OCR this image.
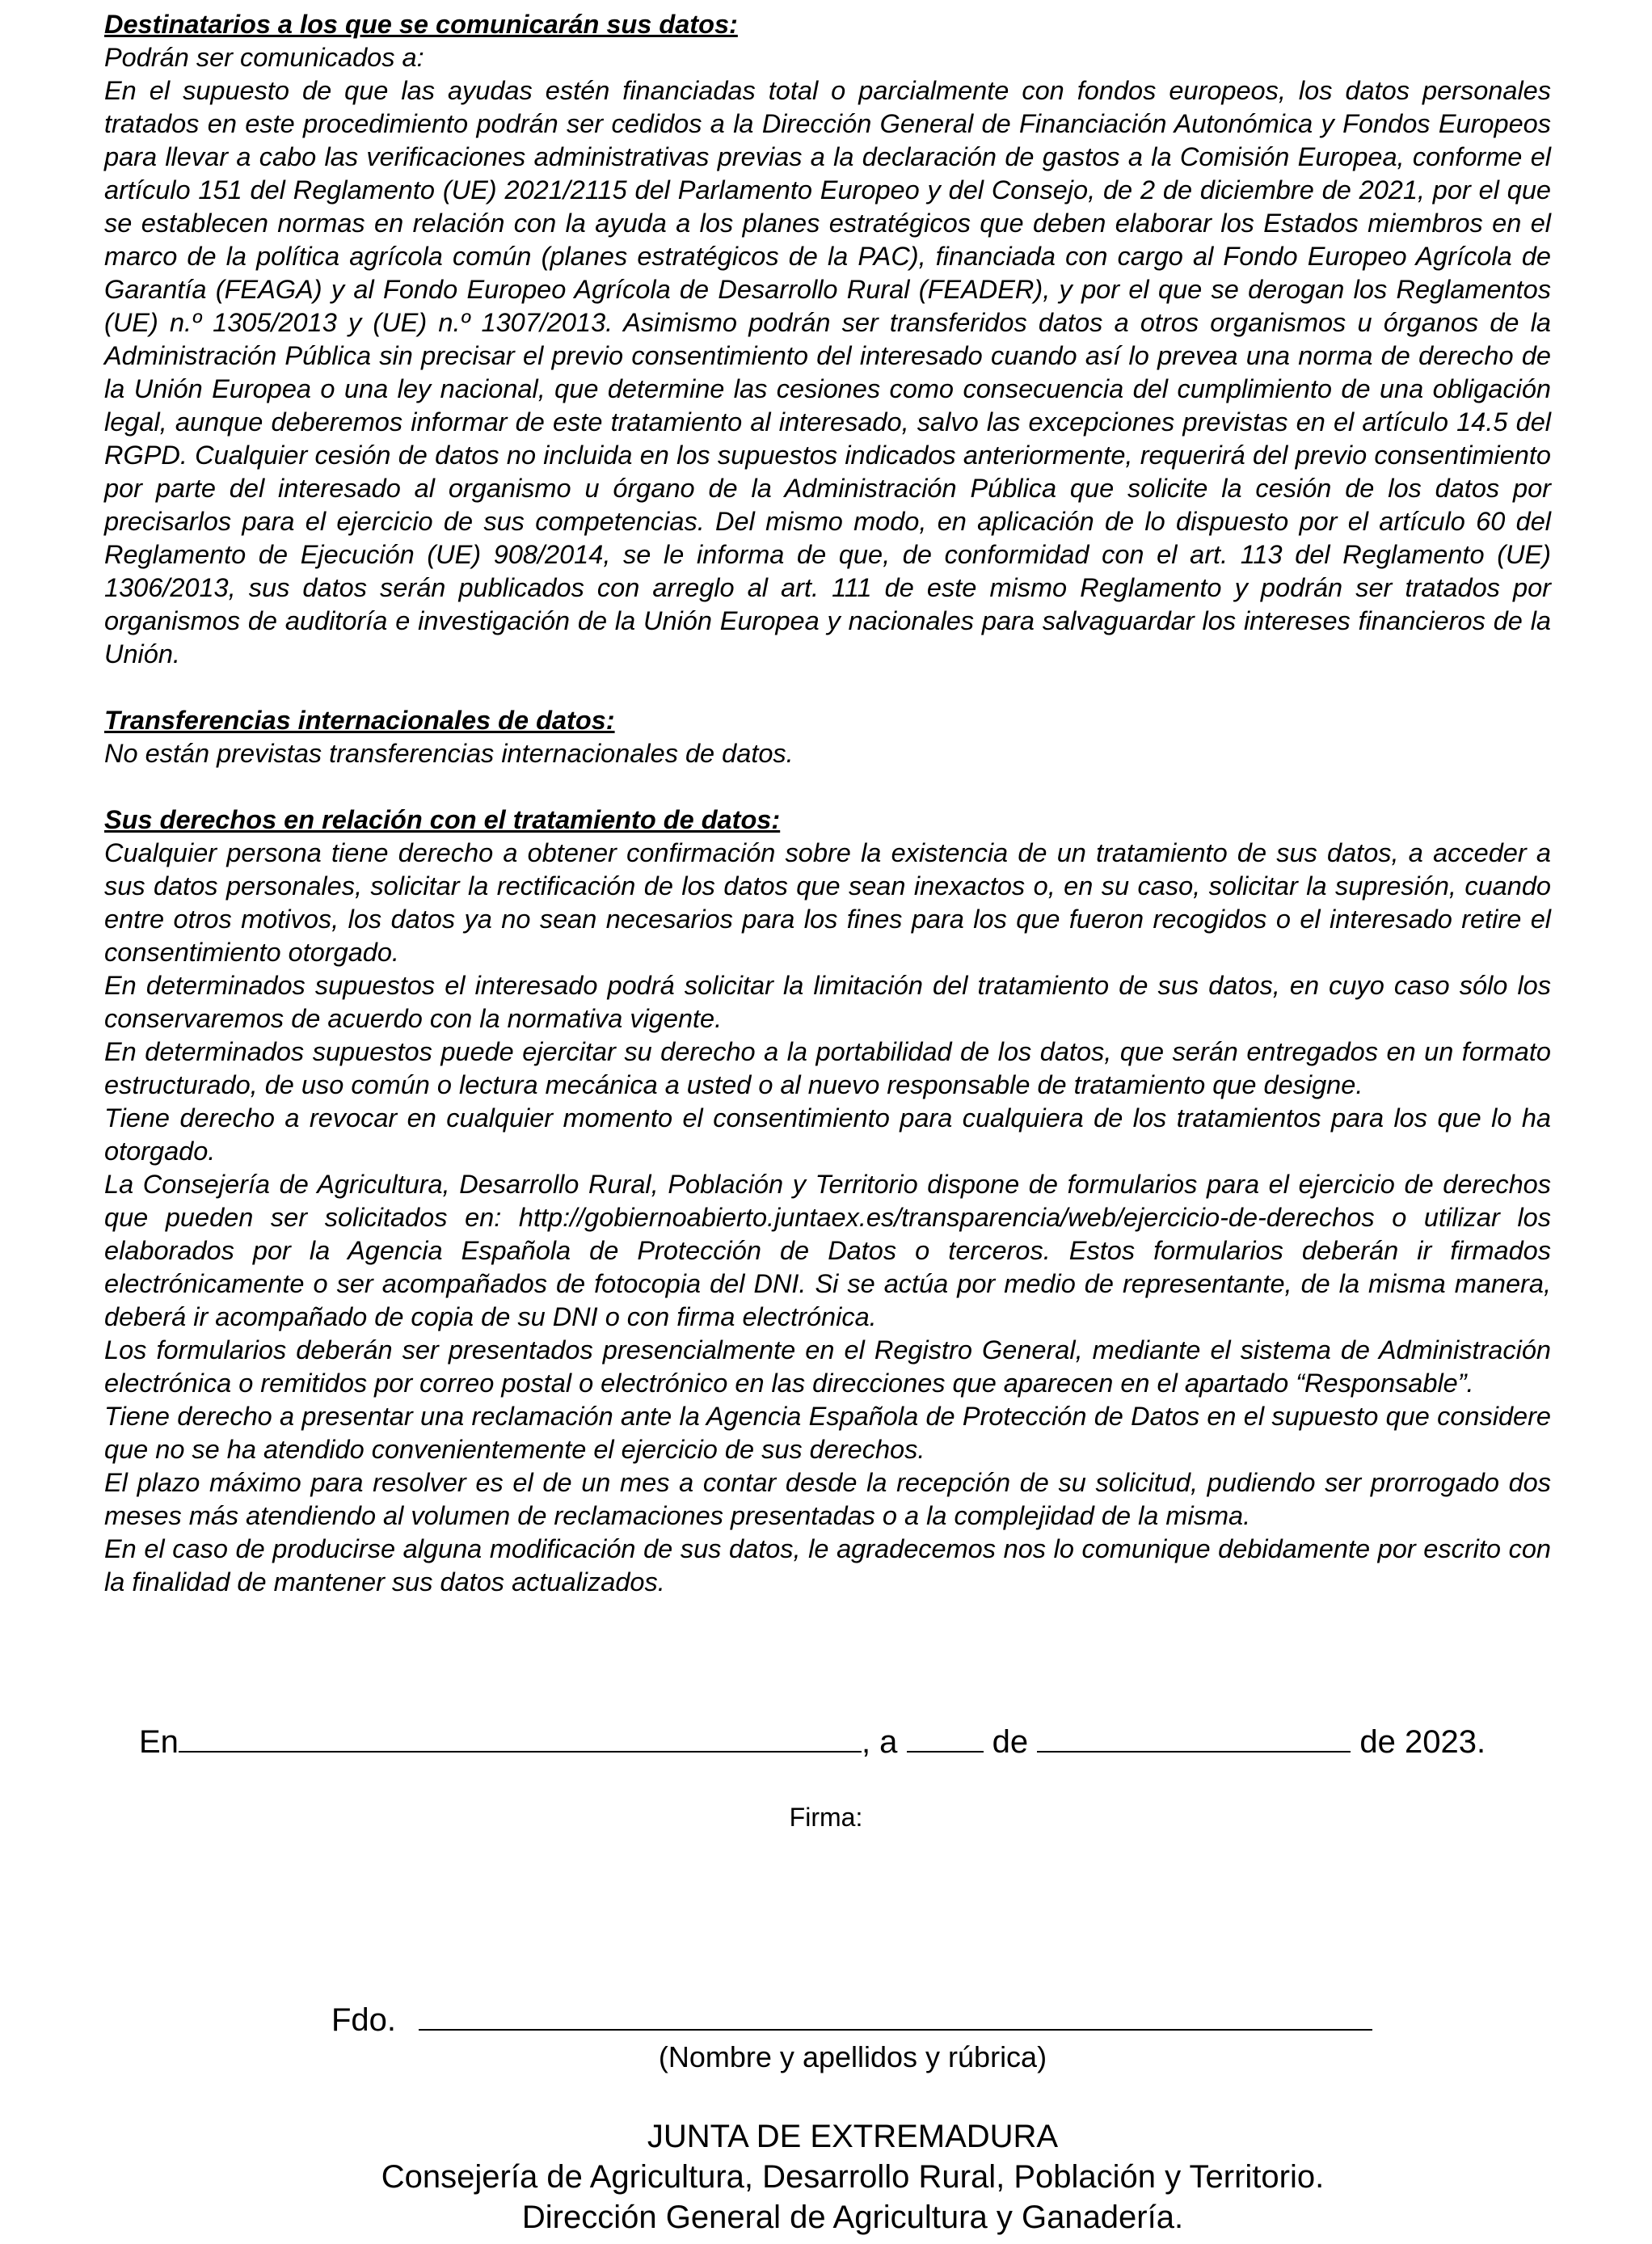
Destinatarios a los que se comunicarán sus datos:

Podrán ser comunicados a:

En el supuesto de que las ayudas estén financiadas total o parcialmente con fondos europeos, los datos personales tratados en este procedimiento podrán ser cedidos a la Dirección General de Financiación Autonómica y Fondos Europeos para llevar a cabo las verificaciones administrativas previas a la declaración de gastos a la Comisión Europea, conforme el artículo 151 del Reglamento (UE) 2021/2115 del Parlamento Europeo y del Consejo, de 2 de diciembre de 2021, por el que se establecen normas en relación con la ayuda a los planes estratégicos que deben elaborar los Estados miembros en el marco de la política agrícola común (planes estratégicos de la PAC), financiada con cargo al Fondo Europeo Agrícola de Garantía (FEAGA) y al Fondo Europeo Agrícola de Desarrollo Rural (FEADER), y por el que se derogan los Reglamentos (UE) n.º 1305/2013 y (UE) n.º 1307/2013. Asimismo podrán ser transferidos datos a otros organismos u órganos de la Administración Pública sin precisar el previo consentimiento del interesado cuando así lo prevea una norma de derecho de la Unión Europea o una ley nacional, que determine las cesiones como consecuencia del cumplimiento de una obligación legal, aunque deberemos informar de este tratamiento al interesado, salvo las excepciones previstas en el artículo 14.5 del RGPD. Cualquier cesión de datos no incluida en los supuestos indicados anteriormente, requerirá del previo consentimiento por parte del interesado al organismo u órgano de la Administración Pública que solicite la cesión de los datos por precisarlos para el ejercicio de sus competencias. Del mismo modo, en aplicación de lo dispuesto por el artículo 60 del Reglamento de Ejecución (UE) 908/2014, se le informa de que, de conformidad con el art. 113 del Reglamento (UE) 1306/2013, sus datos serán publicados con arreglo al art. 111 de este mismo Reglamento y podrán ser tratados por organismos de auditoría e investigación de la Unión Europea y nacionales para salvaguardar los intereses financieros de la Unión.

Transferencias internacionales de datos:

No están previstas transferencias internacionales de datos.

Sus derechos en relación con el tratamiento de datos:

Cualquier persona tiene derecho a obtener confirmación sobre la existencia de un tratamiento de sus datos, a acceder a sus datos personales, solicitar la rectificación de los datos que sean inexactos o, en su caso, solicitar la supresión, cuando entre otros motivos, los datos ya no sean necesarios para los fines para los que fueron recogidos o el interesado retire el consentimiento otorgado.

En determinados supuestos el interesado podrá solicitar la limitación del tratamiento de sus datos, en cuyo caso sólo los conservaremos de acuerdo con la normativa vigente.

En determinados supuestos puede ejercitar su derecho a la portabilidad de los datos, que serán entregados en un formato estructurado, de uso común o lectura mecánica a usted o al nuevo responsable de tratamiento que designe.

Tiene derecho a revocar en cualquier momento el consentimiento para cualquiera de los tratamientos para los que lo ha otorgado.

La Consejería de Agricultura, Desarrollo Rural, Población y Territorio dispone de formularios para el ejercicio de derechos que pueden ser solicitados en: http://gobiernoabierto.juntaex.es/transparencia/web/ejercicio-de-derechos o utilizar los elaborados por la Agencia Española de Protección de Datos o terceros. Estos formularios deberán ir firmados electrónicamente o ser acompañados de fotocopia del DNI. Si se actúa por medio de representante, de la misma manera, deberá ir acompañado de copia de su DNI o con firma electrónica.

Los formularios deberán ser presentados presencialmente en el Registro General, mediante el sistema de Administración electrónica o remitidos por correo postal o electrónico en las direcciones que aparecen en el apartado “Responsable”.

Tiene derecho a presentar una reclamación ante la Agencia Española de Protección de Datos en el supuesto que considere que no se ha atendido convenientemente el ejercicio de sus derechos.

El plazo máximo para resolver es el de un mes a contar desde la recepción de su solicitud, pudiendo ser prorrogado dos meses más atendiendo al volumen de reclamaciones presentadas o a la complejidad de la misma.

En el caso de producirse alguna modificación de sus datos, le agradecemos nos lo comunique debidamente por escrito con la finalidad de mantener sus datos actualizados.

En	, a	de	de 2023.
Firma:
Fdo.
(Nombre y apellidos y rúbrica)
JUNTA DE EXTREMADURA
Consejería de Agricultura, Desarrollo Rural, Población y Territorio.
Dirección General de Agricultura y Ganadería.
